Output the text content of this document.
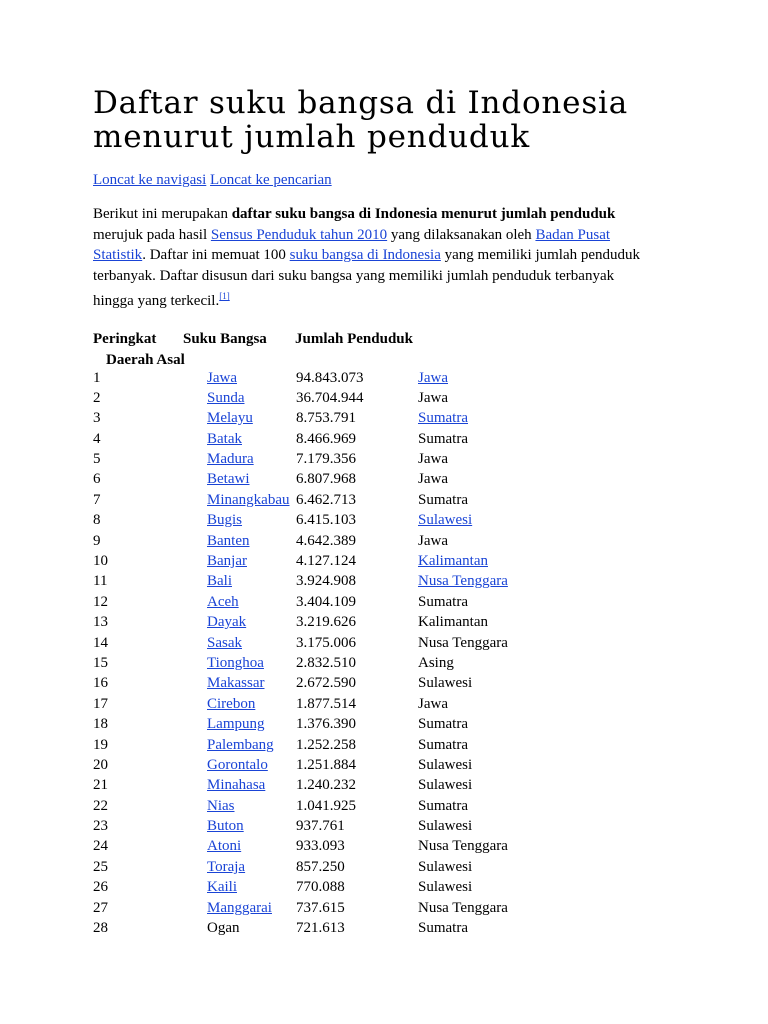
Daftar suku bangsa di Indonesia menurut jumlah penduduk
Loncat ke navigasi Loncat ke pencarian
Berikut ini merupakan daftar suku bangsa di Indonesia menurut jumlah penduduk merujuk pada hasil Sensus Penduduk tahun 2010 yang dilaksanakan oleh Badan Pusat Statistik. Daftar ini memuat 100 suku bangsa di Indonesia yang memiliki jumlah penduduk terbanyak. Daftar disusun dari suku bangsa yang memiliki jumlah penduduk terbanyak hingga yang terkecil.[1]
Peringkat	Suku Bangsa	Jumlah Penduduk
Daerah Asal
1	Jawa	94.843.073	Jawa
2	Sunda	36.704.944	Jawa
3	Melayu	8.753.791	Sumatra
4	Batak	8.466.969	Sumatra
5	Madura	7.179.356	Jawa
6	Betawi	6.807.968	Jawa
7	Minangkabau	6.462.713	Sumatra
8	Bugis	6.415.103	Sulawesi
9	Banten	4.642.389	Jawa
10	Banjar	4.127.124	Kalimantan
11	Bali	3.924.908	Nusa Tenggara
12	Aceh	3.404.109	Sumatra
13	Dayak	3.219.626	Kalimantan
14	Sasak	3.175.006	Nusa Tenggara
15	Tionghoa	2.832.510	Asing
16	Makassar	2.672.590	Sulawesi
17	Cirebon	1.877.514	Jawa
18	Lampung	1.376.390	Sumatra
19	Palembang	1.252.258	Sumatra
20	Gorontalo	1.251.884	Sulawesi
21	Minahasa	1.240.232	Sulawesi
22	Nias	1.041.925	Sumatra
23	Buton	937.761	Sulawesi
24	Atoni	933.093	Nusa Tenggara
25	Toraja	857.250	Sulawesi
26	Kaili	770.088	Sulawesi
27	Manggarai	737.615	Nusa Tenggara
28	Ogan	721.613	Sumatra
